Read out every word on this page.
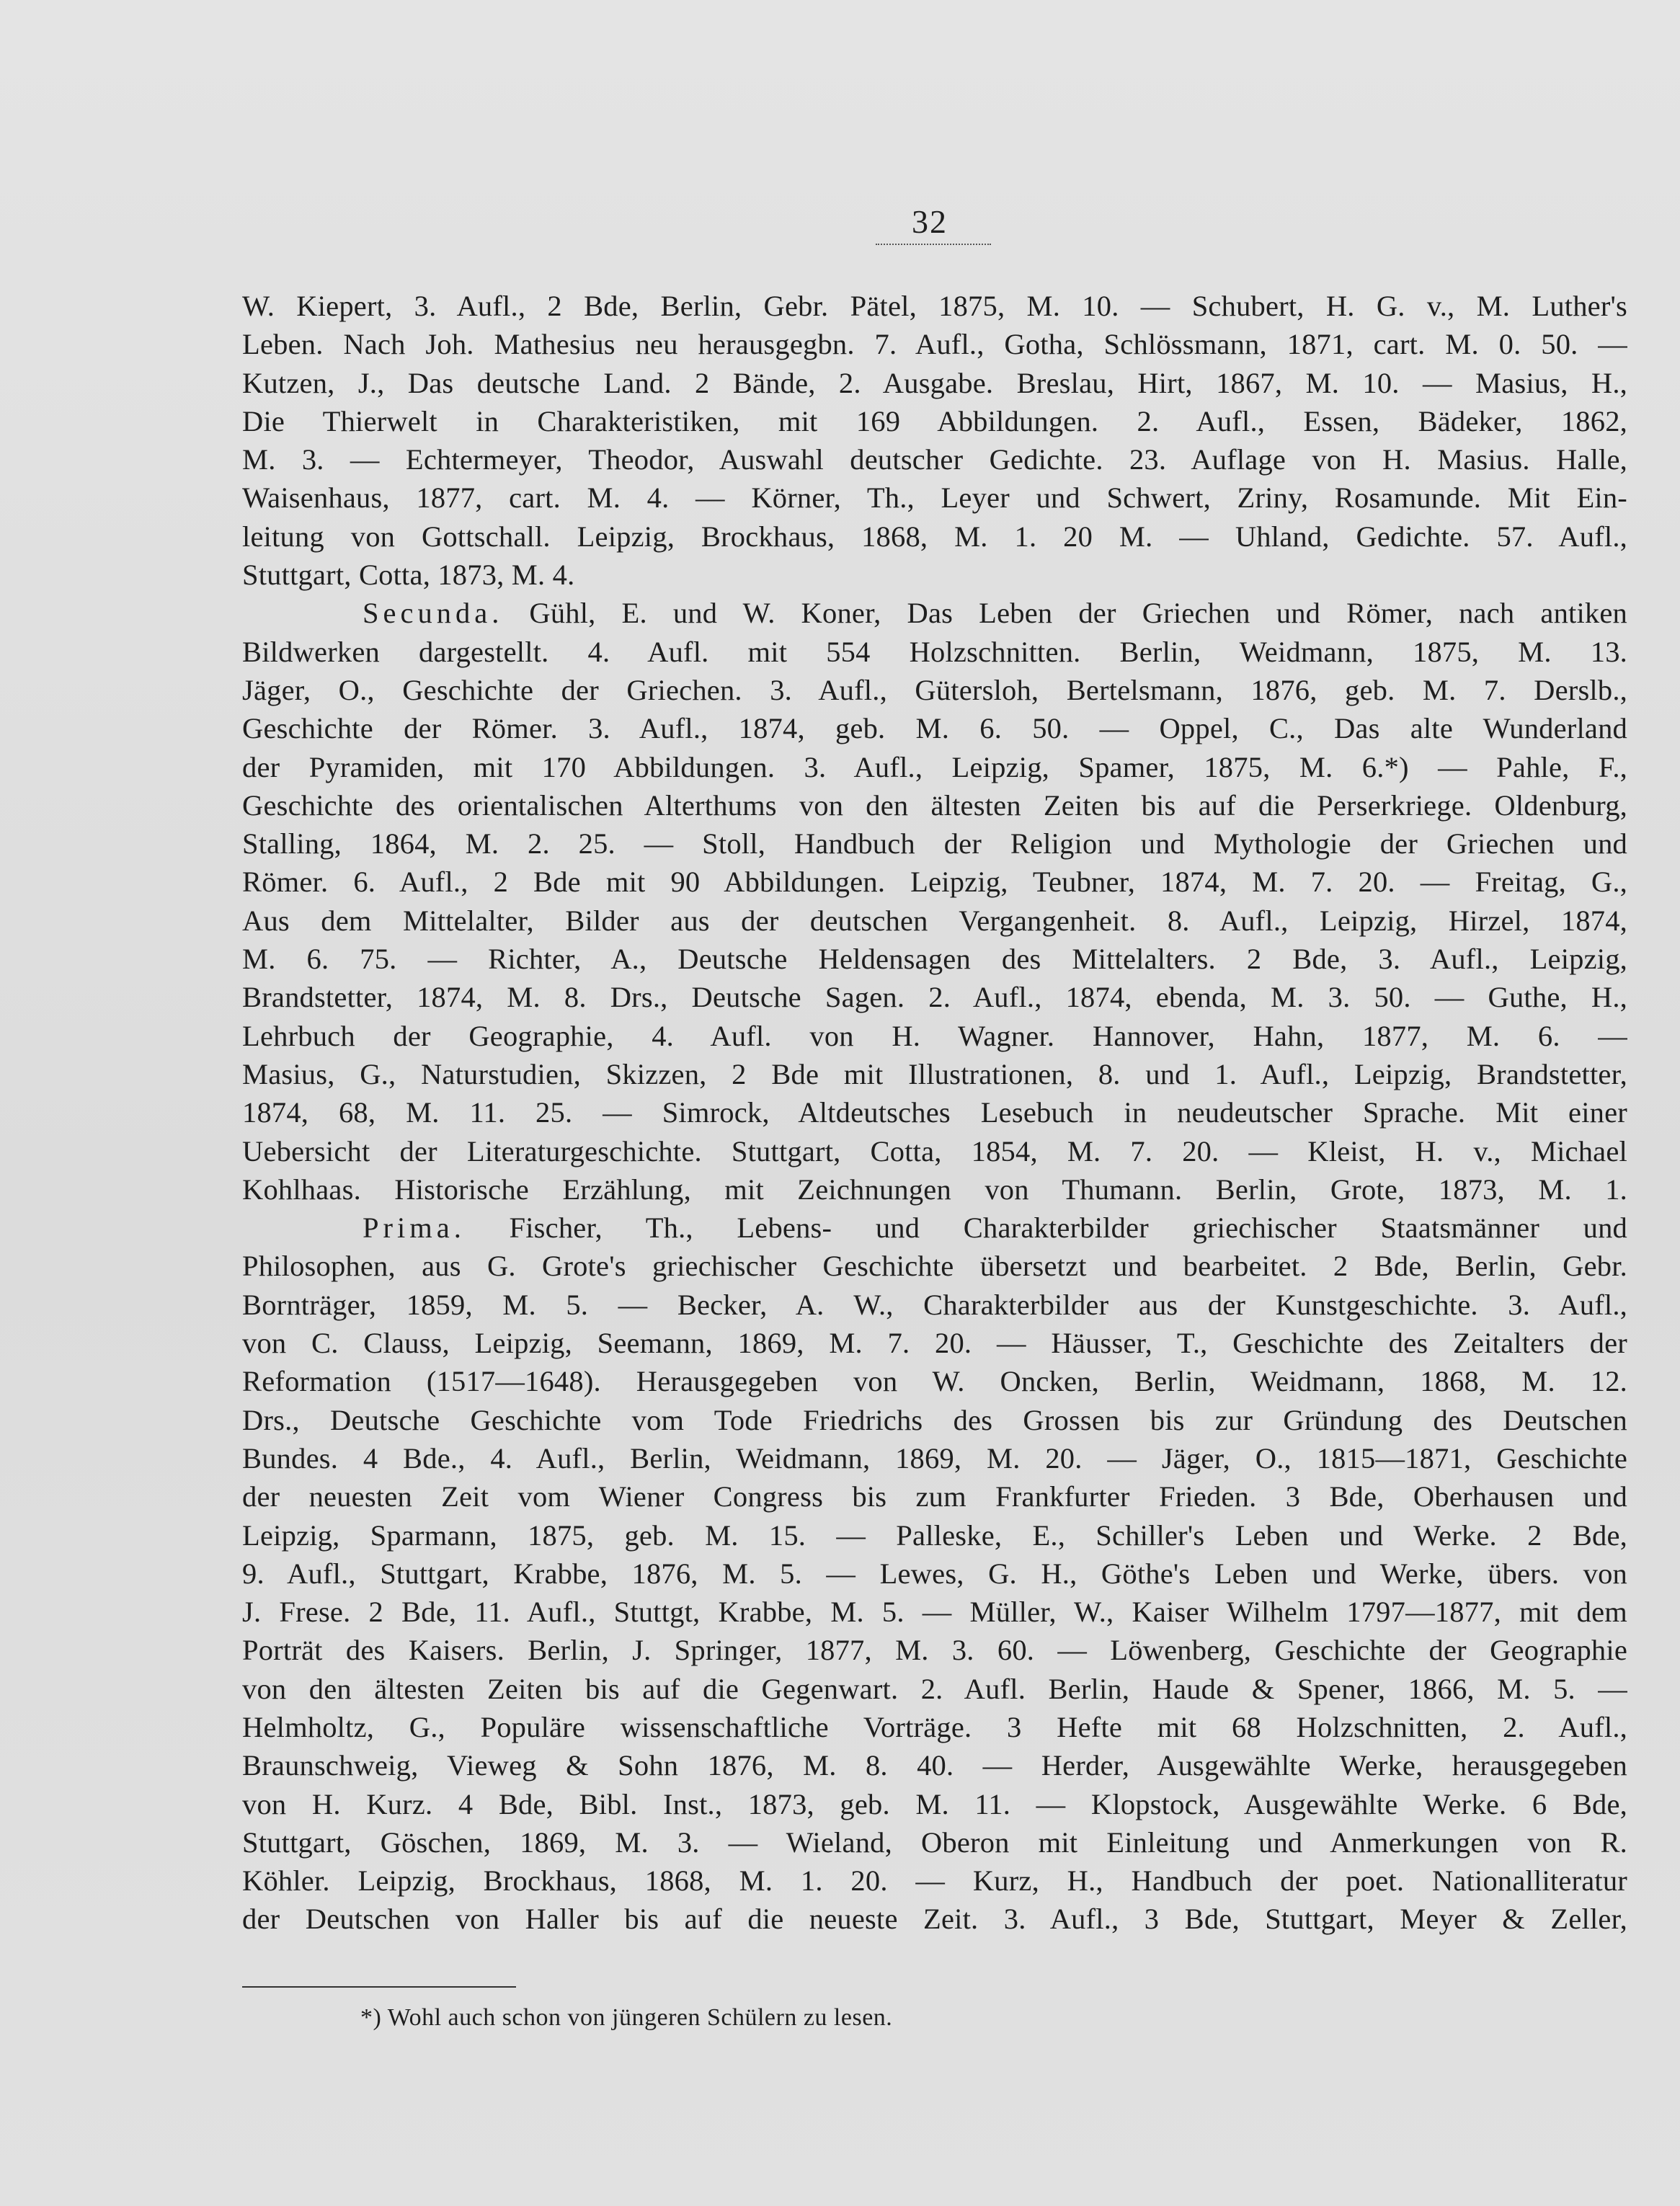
32
W. Kiepert, 3. Aufl., 2 Bde, Berlin, Gebr. Pätel, 1875, M. 10. — Schubert, H. G. v., M. Luther's
Leben. Nach Joh. Mathesius neu herausgegbn. 7. Aufl., Gotha, Schlössmann, 1871, cart. M. 0. 50. —
Kutzen, J., Das deutsche Land. 2 Bände, 2. Ausgabe. Breslau, Hirt, 1867, M. 10. — Masius, H.,
Die Thierwelt in Charakteristiken, mit 169 Abbildungen. 2. Aufl., Essen, Bädeker, 1862,
M. 3. — Echtermeyer, Theodor, Auswahl deutscher Gedichte. 23. Auflage von H. Masius. Halle,
Waisenhaus, 1877, cart. M. 4. — Körner, Th., Leyer und Schwert, Zriny, Rosamunde. Mit Ein-
leitung von Gottschall. Leipzig, Brockhaus, 1868, M. 1. 20 M. — Uhland, Gedichte. 57. Aufl.,
Stuttgart, Cotta, 1873, M. 4.
Secunda. Gühl, E. und W. Koner, Das Leben der Griechen und Römer, nach antiken
Bildwerken dargestellt. 4. Aufl. mit 554 Holzschnitten. Berlin, Weidmann, 1875, M. 13.
Jäger, O., Geschichte der Griechen. 3. Aufl., Gütersloh, Bertelsmann, 1876, geb. M. 7. Derslb.,
Geschichte der Römer. 3. Aufl., 1874, geb. M. 6. 50. — Oppel, C., Das alte Wunderland
der Pyramiden, mit 170 Abbildungen. 3. Aufl., Leipzig, Spamer, 1875, M. 6.*) — Pahle, F.,
Geschichte des orientalischen Alterthums von den ältesten Zeiten bis auf die Perserkriege. Oldenburg,
Stalling, 1864, M. 2. 25. — Stoll, Handbuch der Religion und Mythologie der Griechen und
Römer. 6. Aufl., 2 Bde mit 90 Abbildungen. Leipzig, Teubner, 1874, M. 7. 20. — Freitag, G.,
Aus dem Mittelalter, Bilder aus der deutschen Vergangenheit. 8. Aufl., Leipzig, Hirzel, 1874,
M. 6. 75. — Richter, A., Deutsche Heldensagen des Mittelalters. 2 Bde, 3. Aufl., Leipzig,
Brandstetter, 1874, M. 8. Drs., Deutsche Sagen. 2. Aufl., 1874, ebenda, M. 3. 50. — Guthe, H.,
Lehrbuch der Geographie, 4. Aufl. von H. Wagner. Hannover, Hahn, 1877, M. 6. —
Masius, G., Naturstudien, Skizzen, 2 Bde mit Illustrationen, 8. und 1. Aufl., Leipzig, Brandstetter,
1874, 68, M. 11. 25. — Simrock, Altdeutsches Lesebuch in neudeutscher Sprache. Mit einer
Uebersicht der Literaturgeschichte. Stuttgart, Cotta, 1854, M. 7. 20. — Kleist, H. v., Michael
Kohlhaas. Historische Erzählung, mit Zeichnungen von Thumann. Berlin, Grote, 1873, M. 1.
Prima. Fischer, Th., Lebens- und Charakterbilder griechischer Staatsmänner und
Philosophen, aus G. Grote's griechischer Geschichte übersetzt und bearbeitet. 2 Bde, Berlin, Gebr.
Bornträger, 1859, M. 5. — Becker, A. W., Charakterbilder aus der Kunstgeschichte. 3. Aufl.,
von C. Clauss, Leipzig, Seemann, 1869, M. 7. 20. — Häusser, T., Geschichte des Zeitalters der
Reformation (1517—1648). Herausgegeben von W. Oncken, Berlin, Weidmann, 1868, M. 12.
Drs., Deutsche Geschichte vom Tode Friedrichs des Grossen bis zur Gründung des Deutschen
Bundes. 4 Bde., 4. Aufl., Berlin, Weidmann, 1869, M. 20. — Jäger, O., 1815—1871, Geschichte
der neuesten Zeit vom Wiener Congress bis zum Frankfurter Frieden. 3 Bde, Oberhausen und
Leipzig, Sparmann, 1875, geb. M. 15. — Palleske, E., Schiller's Leben und Werke. 2 Bde,
9. Aufl., Stuttgart, Krabbe, 1876, M. 5. — Lewes, G. H., Göthe's Leben und Werke, übers. von
J. Frese. 2 Bde, 11. Aufl., Stuttgt, Krabbe, M. 5. — Müller, W., Kaiser Wilhelm 1797—1877, mit dem
Porträt des Kaisers. Berlin, J. Springer, 1877, M. 3. 60. — Löwenberg, Geschichte der Geographie
von den ältesten Zeiten bis auf die Gegenwart. 2. Aufl. Berlin, Haude & Spener, 1866, M. 5. —
Helmholtz, G., Populäre wissenschaftliche Vorträge. 3 Hefte mit 68 Holzschnitten, 2. Aufl.,
Braunschweig, Vieweg & Sohn 1876, M. 8. 40. — Herder, Ausgewählte Werke, herausgegeben
von H. Kurz. 4 Bde, Bibl. Inst., 1873, geb. M. 11. — Klopstock, Ausgewählte Werke. 6 Bde,
Stuttgart, Göschen, 1869, M. 3. — Wieland, Oberon mit Einleitung und Anmerkungen von R.
Köhler. Leipzig, Brockhaus, 1868, M. 1. 20. — Kurz, H., Handbuch der poet. Nationalliteratur
der Deutschen von Haller bis auf die neueste Zeit. 3. Aufl., 3 Bde, Stuttgart, Meyer & Zeller,
*) Wohl auch schon von jüngeren Schülern zu lesen.
